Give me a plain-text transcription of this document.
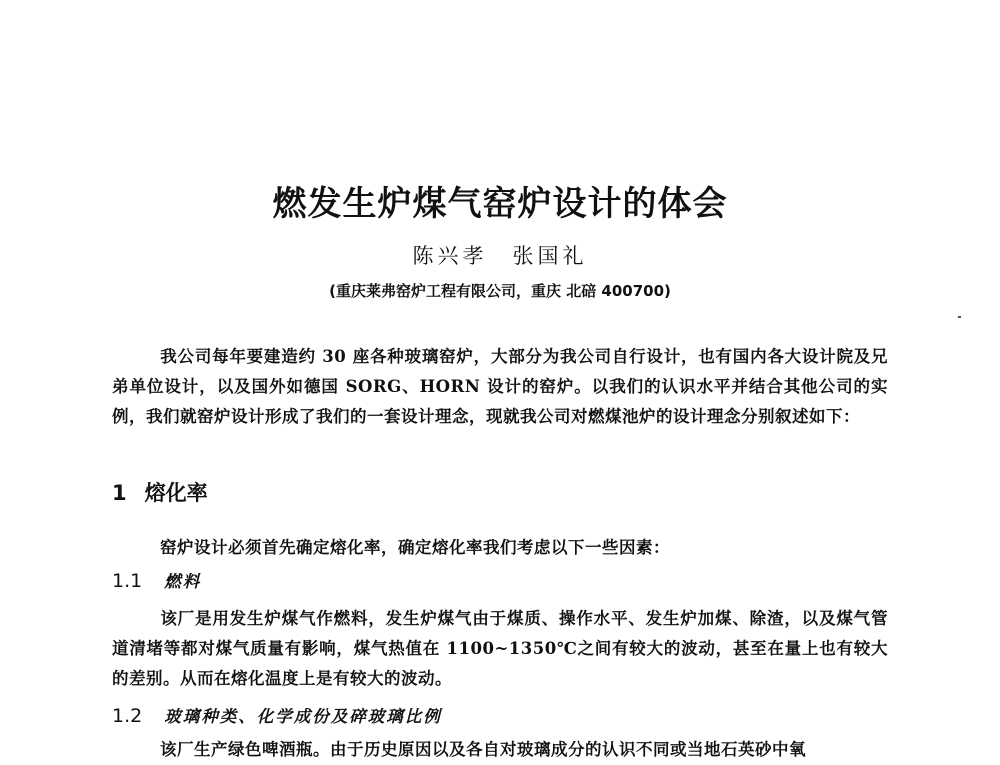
燃发生炉煤气窑炉设计的体会
陈兴孝　张国礼
(重庆莱弗窑炉工程有限公司，重庆 北碚 400700)
我公司每年要建造约 30 座各种玻璃窑炉，大部分为我公司自行设计，也有国内各大设计院及兄弟单位设计，以及国外如德国 SORG、HORN 设计的窑炉。以我们的认识水平并结合其他公司的实例，我们就窑炉设计形成了我们的一套设计理念，现就我公司对燃煤池炉的设计理念分别叙述如下：
1 熔化率
窑炉设计必须首先确定熔化率，确定熔化率我们考虑以下一些因素：
1.1 燃料
该厂是用发生炉煤气作燃料，发生炉煤气由于煤质、操作水平、发生炉加煤、除渣，以及煤气管道清堵等都对煤气质量有影响，煤气热值在 1100~1350℃之间有较大的波动，甚至在量上也有较大的差别。从而在熔化温度上是有较大的波动。
1.2 玻璃种类、化学成份及碎玻璃比例
该厂生产绿色啤酒瓶。由于历史原因以及各自对玻璃成分的认识不同或当地石英砂中氧
